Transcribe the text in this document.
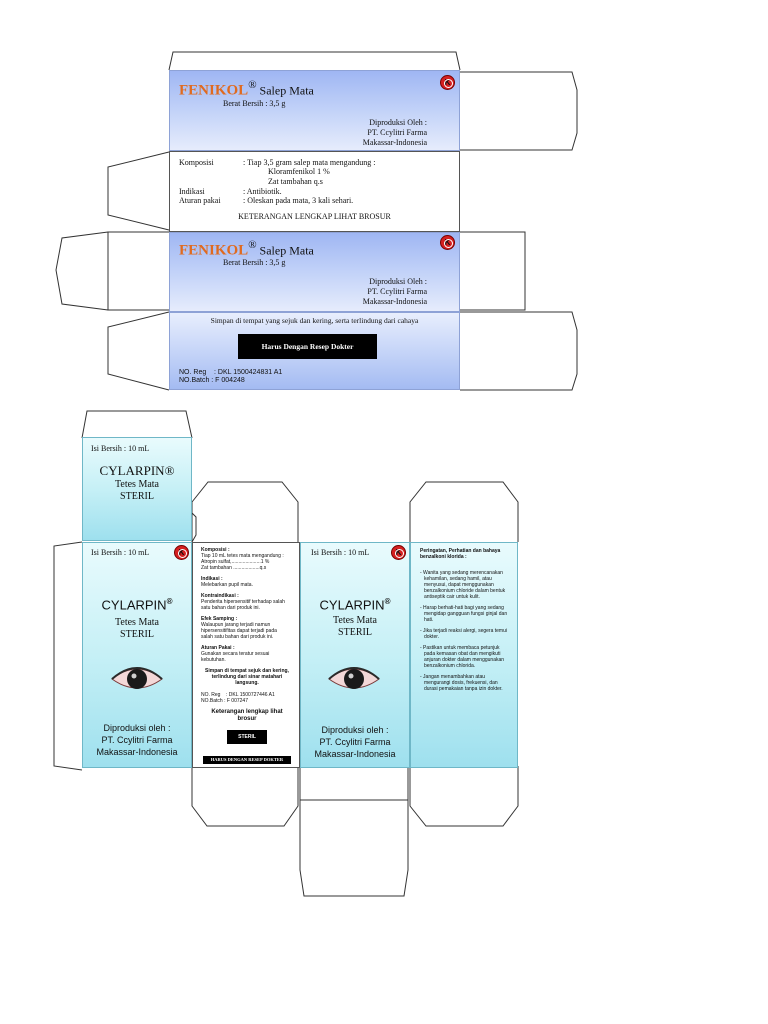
FENIKOL® Salep Mata
Berat Bersih : 3,5 g
Diproduksi Oleh :
PT. Ccylitri Farma
Makassar-Indonesia
K
Komposisi	: Tiap 3,5 gram salep mata mengandung :
Kloramfenikol 1 %
Zat tambahan q.s
Indikasi	: Antibiotik.
Aturan pakai	: Oleskan pada mata, 3 kali sehari.
KETERANGAN LENGKAP LIHAT BROSUR
FENIKOL® Salep Mata
Berat Bersih : 3,5 g
Diproduksi Oleh :
PT. Ccylitri Farma
Makassar-Indonesia
K
Simpan di tempat yang sejuk dan kering, serta terlindung dari cahaya
Harus Dengan Resep Dokter
NO. Reg    : DKL 1500424831 A1
NO.Batch : F 004248
Isi Bersih : 10 mL
CYLARPIN®
Tetes Mata
STERIL
Isi Bersih : 10 mL	K
CYLARPIN®
Tetes Mata
STERIL
Diproduksi oleh :
PT. Ccylitri Farma
Makassar-Indonesia
Komposisi :
Tiap 10 mL tetes mata mengandung :
Atropin sulfat,.....................1 %
Zat tambahan ...................q.s
Indikasi :
Melebarkan pupil mata.
Kontraindikasi :
Penderita hipersensitif terhadap salah
satu bahan dari produk ini.
Efek Samping :
Walaupun jarang terjadi namun
hipersensitifitas dapat terjadi pada
salah satu bahan dari produk ini.
Aturan Pakai :
Gunakan secara teratur sesuai
kebutuhan.
Simpan di tempat sejuk dan kering,
terlindung dari sinar matahari
langsung.
NO. Reg    : DKL 1500727446 A1
NO.Batch : F 007247
Keterangan lengkap lihat
brosur
STERIL
HARUS DENGAN RESEP DOKTER
Isi Bersih : 10 mL	K
CYLARPIN®
Tetes Mata
STERIL
Diproduksi oleh :
PT. Ccylitri Farma
Makassar-Indonesia
Peringatan, Perhatian dan bahaya
benzalkoni klorida :
- Wanita yang sedang merencanakan
kehamilan, sedang hamil, atau
menyusui, dapat menggunakan
benzalkonium chloride dalam bentuk
antiseptik cair untuk kulit.
- Harap berhati-hati bagi yang sedang
mengidap gangguan fungsi ginjal dan
hati.
- Jika terjadi reaksi alergi, segera temui
dokter.
- Pastikan untuk membaca petunjuk
pada kemasan obat dan mengikuti
anjuran dokter dalam menggunakan
benzalkonium chlorida.
- Jangan menambahkan atau
mengurangi dosis, frekuensi, dan
durasi pemakaian tanpa izin dokter.
